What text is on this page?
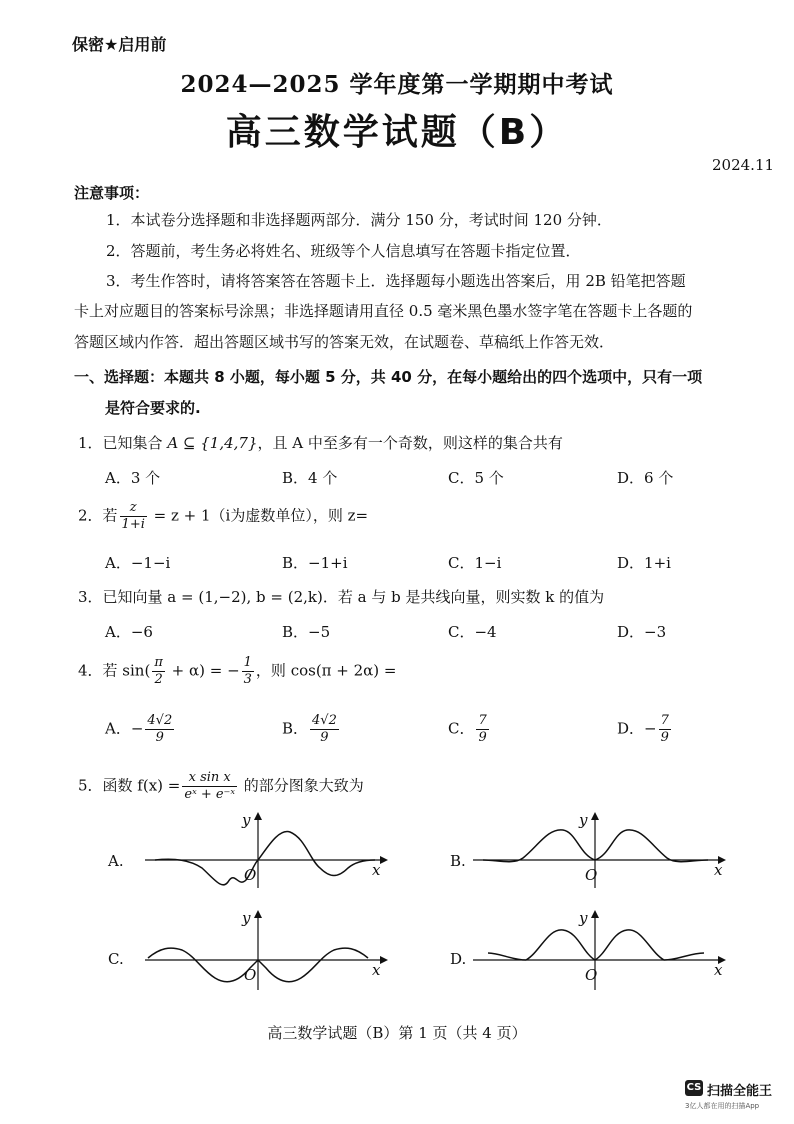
保密★启用前
2024—2025 学年度第一学期期中考试
高三数学试题（B）
2024.11
注意事项：
1．本试卷分选择题和非选择题两部分．满分 150 分，考试时间 120 分钟．
2．答题前，考生务必将姓名、班级等个人信息填写在答题卡指定位置．
3．考生作答时，请将答案答在答题卡上．选择题每小题选出答案后，用 2B 铅笔把答题
卡上对应题目的答案标号涂黑；非选择题请用直径 0.5 毫米黑色墨水签字笔在答题卡上各题的
答题区域内作答．超出答题区域书写的答案无效，在试题卷、草稿纸上作答无效．
一、选择题：本题共 8 小题，每小题 5 分，共 40 分，在每小题给出的四个选项中，只有一项
是符合要求的.
1．已知集合 A ⊆ {1,4,7}，且 A 中至多有一个奇数，则这样的集合共有
A．3 个	B．4 个	C．5 个	D．6 个
2．若 $\frac{z}{1+i} = z + 1(i$为虚数单位），则 z=
A．−1−i	B．−1+i	C．1−i	D．1+i
3．已知向量 a = (1,−2), b = (2,k)．若 a 与 b 是共线向量，则实数 k 的值为
A．−6	B．−5	C．−4	D．−3
4．若 $\sin( \frac{\pi}{2} + \alpha)$ = − $\frac{1}{3}$ ，则 cos(π + 2α) =
A．− $\frac{4√2}{9}$	B． $\frac{4√2}{9}$	C． $\frac{7}{9}$	D．− $\frac{7}{9}$
5．函数 $f(x) = \frac{\text{x sin x}}{\text{eˣ + e⁻ˣ}}$ 的部分图象大致为
A.	B.
C.	D.
x
y
O	x
y
O
x
y
O	x
y
O
高三数学试题（B）第 1 页（共 4 页）
CS 扫描全能王
3亿人都在用的扫描App
